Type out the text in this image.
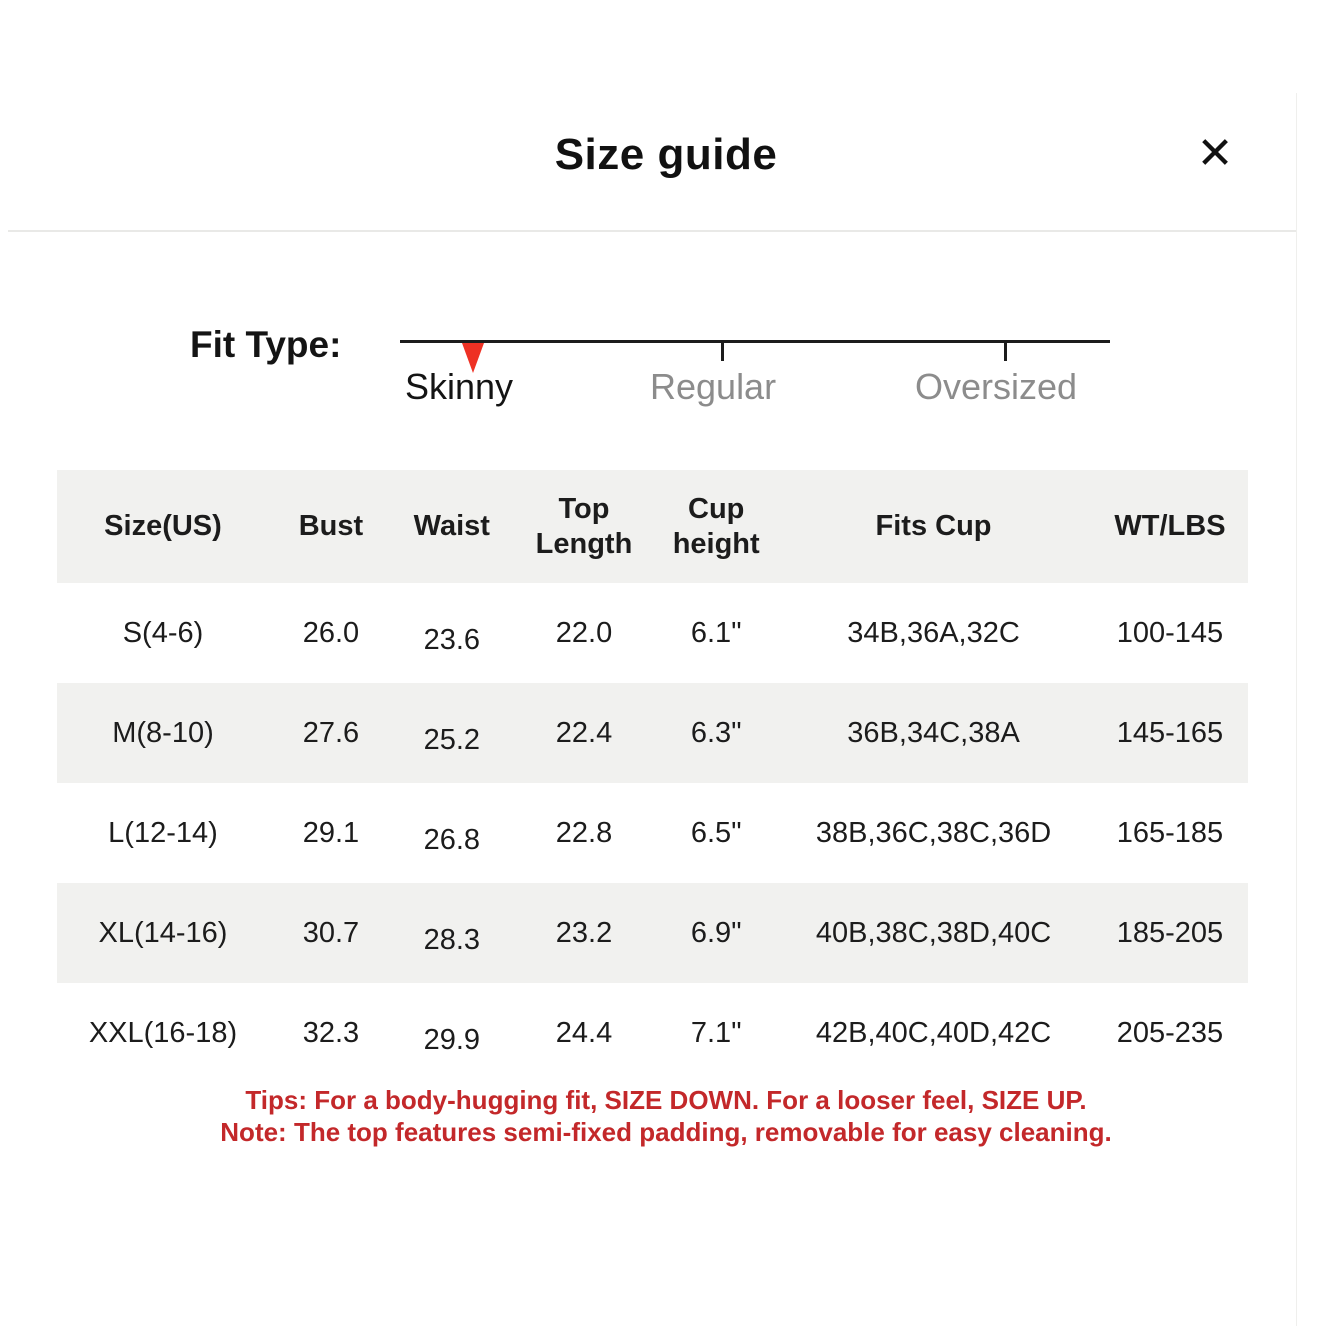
Size guide	✕
Fit Type:
Skinny	Regular	Oversized
Size(US)	Bust	Waist	Top Length	Cup height	Fits Cup	WT/LBS
S(4-6)	26.0	23.6	22.0	6.1"	34B,36A,32C	100-145
M(8-10)	27.6	25.2	22.4	6.3"	36B,34C,38A	145-165
L(12-14)	29.1	26.8	22.8	6.5"	38B,36C,38C,36D	165-185
XL(14-16)	30.7	28.3	23.2	6.9"	40B,38C,38D,40C	185-205
XXL(16-18)	32.3	29.9	24.4	7.1"	42B,40C,40D,42C	205-235
Tips: For a body-hugging fit, SIZE DOWN. For a looser feel, SIZE UP.
Note: The top features semi-fixed padding, removable for easy cleaning.
